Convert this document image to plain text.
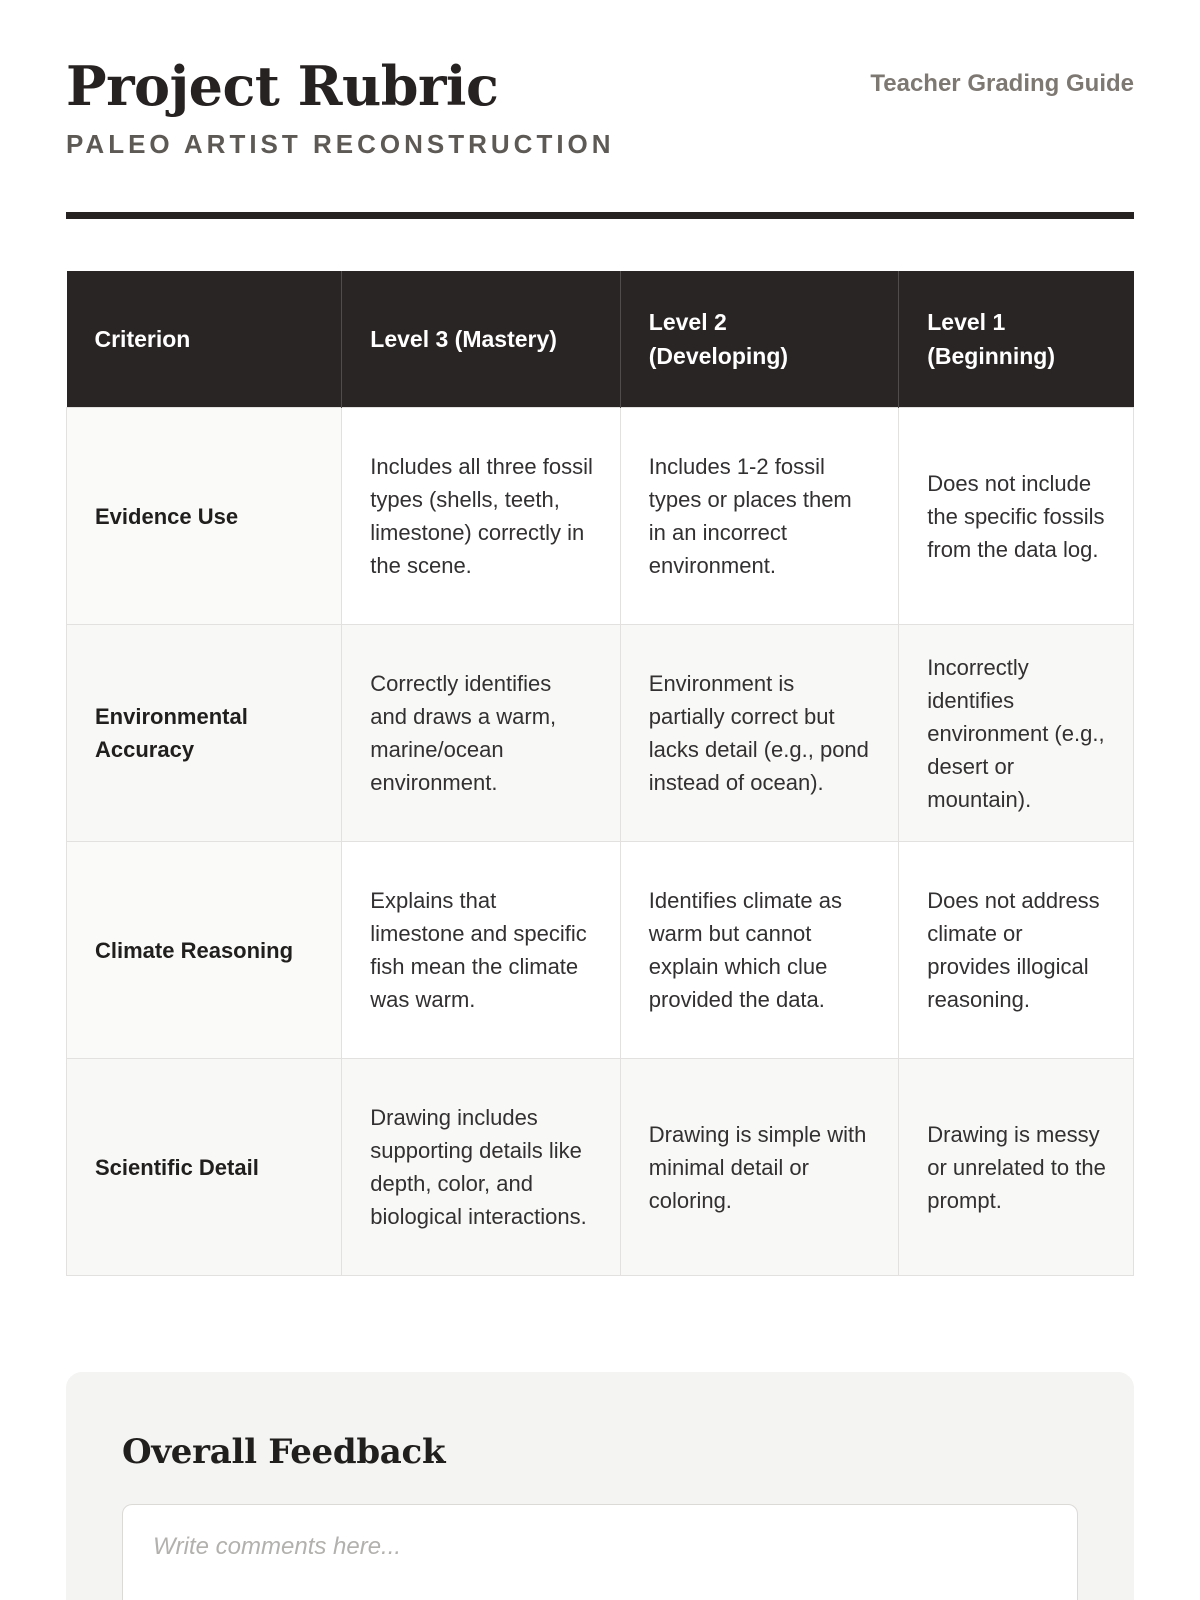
Project Rubric
PALEO ARTIST RECONSTRUCTION
Teacher Grading Guide
Criterion	Level 3 (Mastery)	Level 2 (Developing)	Level 1 (Beginning)
Evidence Use	Includes all three fossil types (shells, teeth, limestone) correctly in the scene.	Includes 1-2 fossil types or places them in an incorrect environment.	Does not include the specific fossils from the data log.
Environmental Accuracy	Correctly identifies and draws a warm, marine/ocean environment.	Environment is partially correct but lacks detail (e.g., pond instead of ocean).	Incorrectly identifies environment (e.g., desert or mountain).
Climate Reasoning	Explains that limestone and specific fish mean the climate was warm.	Identifies climate as warm but cannot explain which clue provided the data.	Does not address climate or provides illogical reasoning.
Scientific Detail	Drawing includes supporting details like depth, color, and biological interactions.	Drawing is simple with minimal detail or coloring.	Drawing is messy or unrelated to the prompt.
Overall Feedback
Write comments here...
